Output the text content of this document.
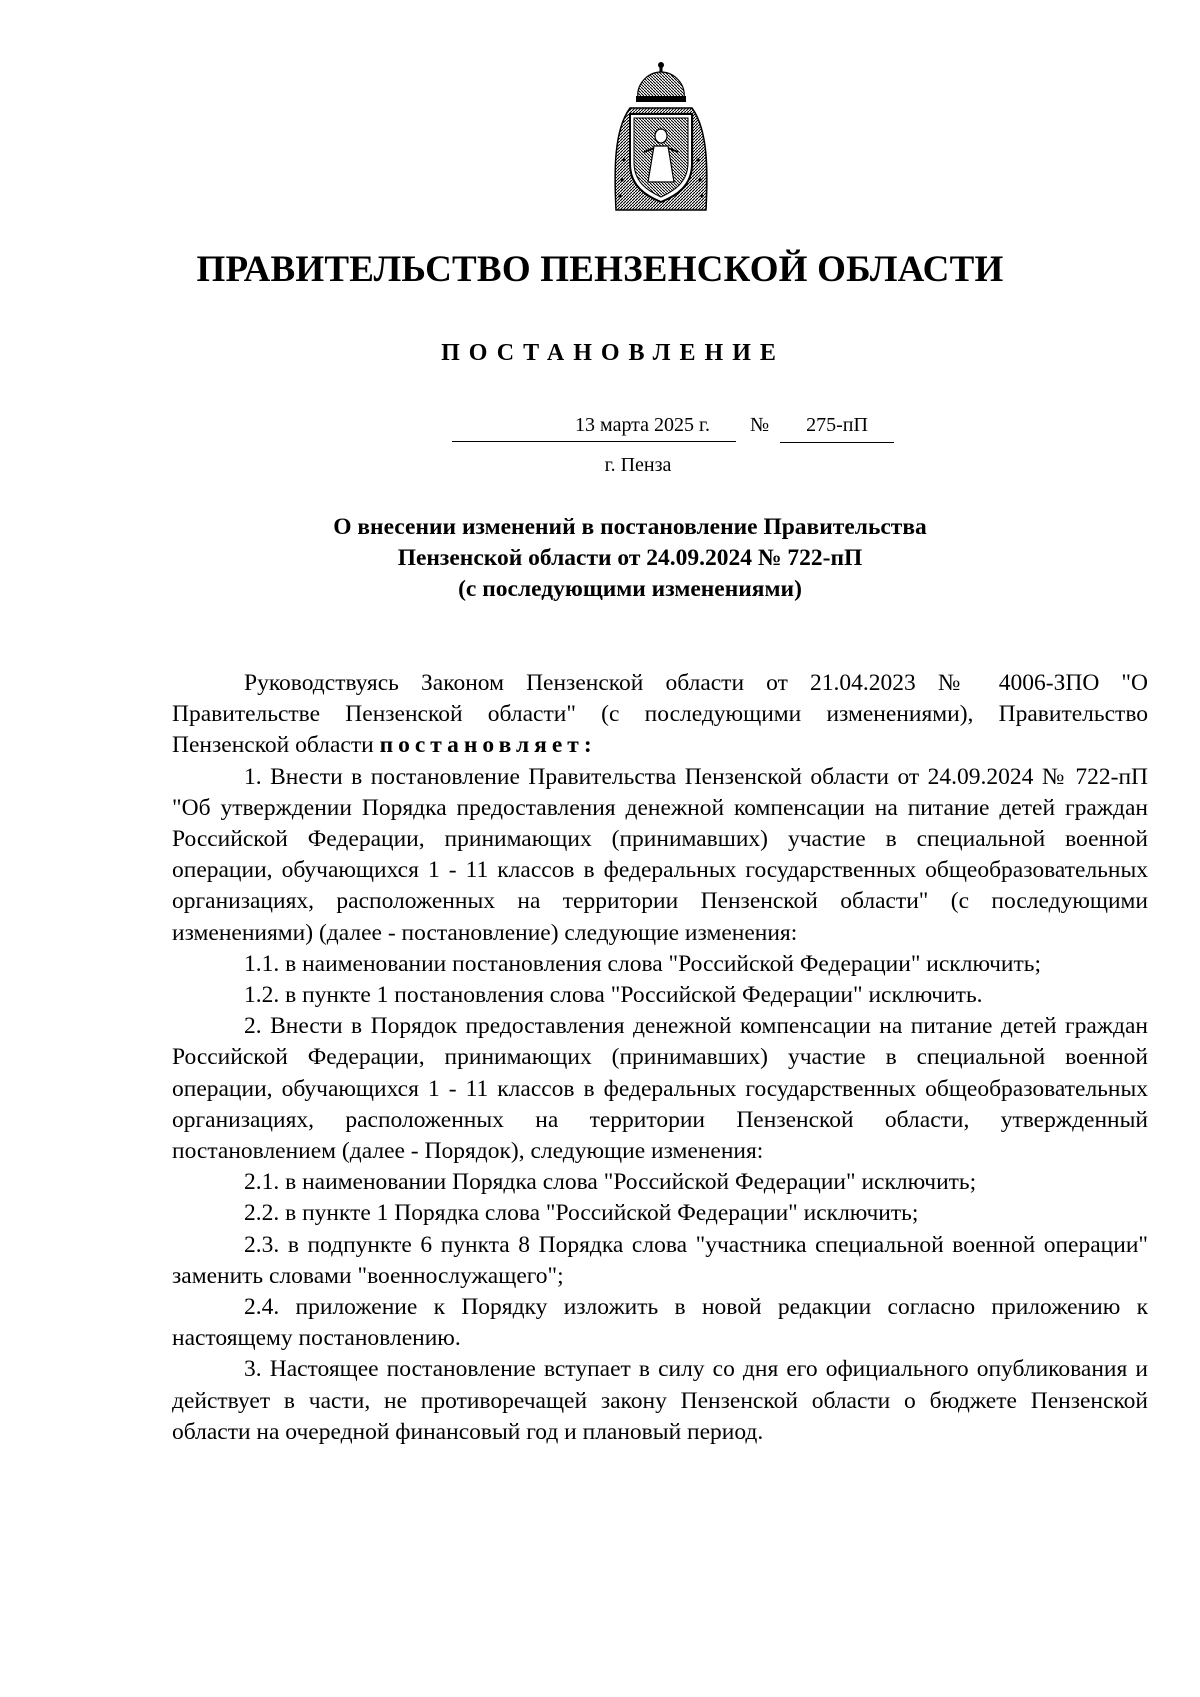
ПРАВИТЕЛЬСТВО ПЕНЗЕНСКОЙ ОБЛАСТИ
ПОСТАНОВЛЕНИЕ
13 марта 2025 г.	№	275-пП
г. Пенза
О внесении изменений в постановление Правительства
Пензенской области от 24.09.2024 № 722-пП
(с последующими изменениями)

Руководствуясь Законом Пензенской области от 21.04.2023 № 4006-ЗПО "О Правительстве Пензенской области" (с последующими изменениями), Правительство Пензенской области постановляет:

1. Внести в постановление Правительства Пензенской области от 24.09.2024 № 722-пП "Об утверждении Порядка предоставления денежной компенсации на питание детей граждан Российской Федерации, принимающих (принимавших) участие в специальной военной операции, обучающихся 1 - 11 классов в федеральных государственных общеобразовательных организациях, расположенных на территории Пензенской области" (с последующими изменениями) (далее - постановление) следующие изменения:

1.1. в наименовании постановления слова "Российской Федерации" исключить;

1.2. в пункте 1 постановления слова "Российской Федерации" исключить.

2. Внести в Порядок предоставления денежной компенсации на питание детей граждан Российской Федерации, принимающих (принимавших) участие в специальной военной операции, обучающихся 1 - 11 классов в федеральных государственных общеобразовательных организациях, расположенных на территории Пензенской области, утвержденный постановлением (далее - Порядок), следующие изменения:

2.1. в наименовании Порядка слова "Российской Федерации" исключить;

2.2. в пункте 1 Порядка слова "Российской Федерации" исключить;

2.3. в подпункте 6 пункта 8 Порядка слова "участника специальной военной операции" заменить словами "военнослужащего";

2.4. приложение к Порядку изложить в новой редакции согласно приложению к настоящему постановлению.

3. Настоящее постановление вступает в силу со дня его официального опубликования и действует в части, не противоречащей закону Пензенской области о бюджете Пензенской области на очередной финансовый год и плановый период.
